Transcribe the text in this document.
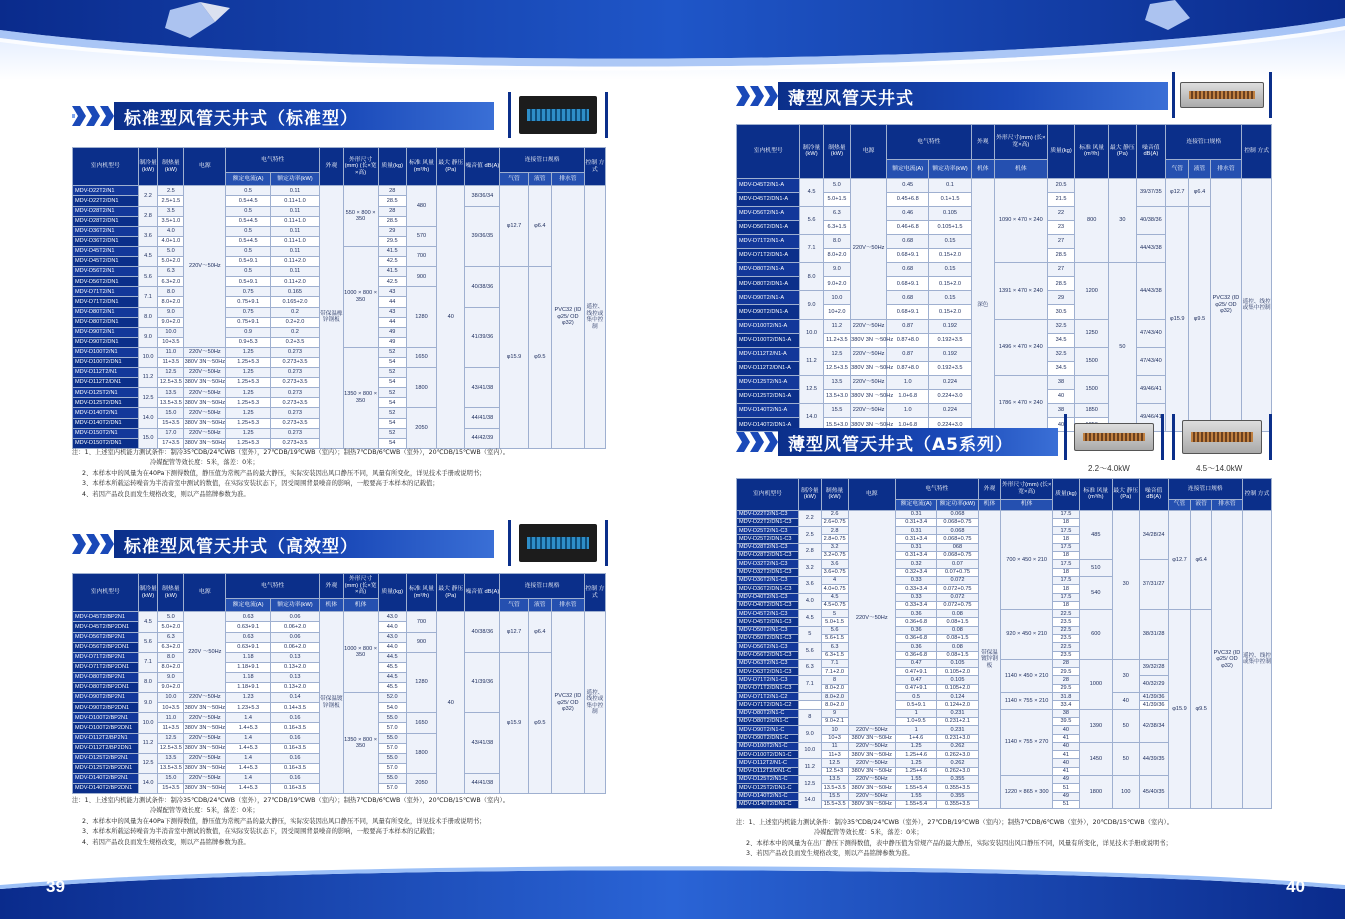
39	40
标准型风管天井式（标准型）
室内机型号	制冷量 (kW)	制热量 (kW)	电源	电气特性		外观	外形尺寸(mm) (长×宽×高)	质量(kg)	标准 风量(m³/h)	最大 静压(Pa)	噪音值 dB(A)	连接管口规格			控制 方式
				额定电流(A)	额定功率(kW)							气管	液管	排水管	
MDV-D22T2/N1	2.2	2.5	220V～50Hz	0.5	0.11	带保温橡锌钢板	550 × 800 × 350	28	480	40	38/36/34	φ12.7	φ6.4	PVC32 (ID φ25/ OD φ32)	遥控、线控或集中控制
MDV-D22T2/DN1		2.5+1.5		0.5+4.5	0.11+1.0			28.5							
MDV-D28T2/N1	2.8	3.5		0.5	0.11			28			39/36/35				
MDV-D28T2/DN1		3.5+1.0		0.5+4.5	0.11+1.0			28.5							
MDV-D36T2/N1	3.6	4.0		0.5	0.11			29	570						
MDV-D36T2/DN1		4.0+1.0		0.5+4.5	0.11+1.0			29.5							
MDV-D45T2/N1	4.5	5.0		0.5	0.11		1000 × 800 × 350	41.5	700						
MDV-D45T2/DN1		5.0+2.0		0.5+9.1	0.11+2.0			42.5							
MDV-D56T2/N1	5.6	6.3		0.5	0.11			41.5	900		40/38/36	φ15.9	φ9.5		
MDV-D56T2/DN1		6.3+2.0		0.5+9.1	0.11+2.0			42.5							
MDV-D71T2/N1	7.1	8.0		0.75	0.165			43	1280						
MDV-D71T2/DN1		8.0+2.0		0.75+9.1	0.165+2.0			44							
MDV-D80T2/N1	8.0	9.0		0.75	0.2			43			41/39/36				
MDV-D80T2/DN1		9.0+2.0		0.75+9.1	0.2+2.0			44							
MDV-D90T2/N1	9.0	10.0		0.9	0.2			49							
MDV-D90T2/DN1		10+3.5		0.9+5.3	0.2+3.5			49							
MDV-D100T2/N1	10.0	11.0	220V～50Hz	1.25	0.273		1350 × 800 × 350	52	1650						
MDV-D100T2/DN1		11+3.5	380V 3N～50Hz	1.25+5.3	0.273+3.5			54							
MDV-D112T2/N1	11.2	12.5	220V～50Hz	1.25	0.273			52	1800		43/41/38				
MDV-D112T2/DN1		12.5+3.5	380V 3N～50Hz	1.25+5.3	0.273+3.5			54							
MDV-D125T2/N1	12.5	13.5	220V～50Hz	1.25	0.273			52							
MDV-D125T2/DN1		13.5+3.5	380V 3N～50Hz	1.25+5.3	0.273+3.5			54							
MDV-D140T2/N1	14.0	15.0	220V～50Hz	1.25	0.273			52	2050		44/41/38				
MDV-D140T2/DN1		15+3.5	380V 3N～50Hz	1.25+5.3	0.273+3.5			54							
MDV-D150T2/N1	15.0	17.0	220V～50Hz	1.25	0.273			52			44/42/39				
MDV-D150T2/DN1		17+3.5	380V 3N～50Hz	1.25+5.3	0.273+3.5			54							
注：1、上述室内机能力测试条件：制冷35℃DB/24℃WB（室外），27℃DB/19℃WB（室内）；制热7℃DB/6℃WB（室外），20℃DB/15℃WB（室内）。
冷媒配管等效长度：5米，落差：0米；
2、本样本中的风量为在40Pa下测得数值，静压值为常规产品的最大静压，实际安装因出风口静压不同，风量有所变化，详见技术手册或说明书；
3、本样本所载运转噪音为半消音室中测试的数值，在实际安装状态下，因受周围背景噪音的影响，一般要高于本样本的记载值；
4、若因产品改良而发生规格改变，则以产品铭牌参数为准。
标准型风管天井式（高效型）
室内机型号	制冷量 (kW)	制热量 (kW)	电源	电气特性		外观	外形尺寸(mm) (长×宽×高)	质量(kg)	标准 风量(m³/h)	最大 静压(Pa)	噪音值 dB(A)	连接管口规格			控制 方式
				额定电流(A)	额定功率(kW)	机体	机体					气管	液管	排水管	
MDV-D45T2/BP2N1	4.5	5.0	220V ～50Hz	0.63	0.06	带保温镀锌钢板	1000 × 800 × 350	43.0	700	40	40/38/36	φ12.7	φ6.4	PVC32 (ID φ25/ OD φ32)	遥控、线控或集中控制
MDV-D45T2/BP2DN1		5.0+2.0		0.63+9.1	0.06+2.0			44.0							
MDV-D56T2/BP2N1	5.6	6.3		0.63	0.06			43.0	900						
MDV-D56T2/BP2DN1		6.3+2.0		0.63+9.1	0.06+2.0			44.0							
MDV-D71T2/BP2N1	7.1	8.0		1.18	0.13			44.5	1280		41/39/36	φ15.9	φ9.5		
MDV-D71T2/BP2DN1		8.0+2.0		1.18+9.1	0.13+2.0			45.5							
MDV-D80T2/BP2N1	8.0	9.0		1.18	0.13			44.5							
MDV-D80T2/BP2DN1		9.0+2.0		1.18+9.1	0.13+2.0			45.5							
MDV-D90T2/BP2N1	9.0	10.0	220V～50Hz	1.23	0.14		1350 × 800 × 350	52.0							
MDV-D90T2/BP2DN1		10+3.5	380V 3N～50Hz	1.23+5.3	0.14+3.5			54.0							
MDV-D100T2/BP2N1	10.0	11.0	220V～50Hz	1.4	0.16			55.0	1650		43/41/38				
MDV-D100T2/BP2DN1		11+3.5	380V 3N～50Hz	1.4+5.3	0.16+3.5			57.0							
MDV-D112T2/BP2N1	11.2	12.5	220V～50Hz	1.4	0.16			55.0	1800						
MDV-D112T2/BP2DN1		12.5+3.5	380V 3N～50Hz	1.4+5.3	0.16+3.5			57.0							
MDV-D125T2/BP2N1	12.5	13.5	220V～50Hz	1.4	0.16			55.0							
MDV-D125T2/BP2DN1		13.5+3.5	380V 3N～50Hz	1.4+5.3	0.16+3.5			57.0							
MDV-D140T2/BP2N1	14.0	15.0	220V～50Hz	1.4	0.16			55.0	2050		44/41/38				
MDV-D140T2/BP2DN1		15+3.5	380V 3N～50Hz	1.4+5.3	0.16+3.5			57.0							
注：1、上述室内机能力测试条件：制冷35℃DB/24℃WB（室外），27℃DB/19℃WB（室内）；制热7℃DB/6℃WB（室外），20℃DB/15℃WB（室内）。
冷媒配管等效长度：5米，落差：0米；
2、本样本中的风量为在40Pa下测得数值，静压值为常规产品的最大静压，实际安装因出风口静压不同，风量有所变化，详见技术手册或说明书；
3、本样本所载运转噪音为半消音室中测试的数值，在实际安装状态下，因受周围背景噪音的影响，一般要高于本样本的记载值；
4、若因产品改良而发生规格改变，则以产品铭牌参数为准。
薄型风管天井式
室内机型号	制冷量 (kW)	制热量 (kW)	电源	电气特性		外观	外形尺寸(mm) (长×宽×高)	质量(kg)	标准 风量(m³/h)	最大 静压(Pa)	噪音值 dB(A)	连接管口规格			控制 方式
				额定电流(A)	额定功率(kW)	机体	机体					气管	液管	排水管	
MDV-D45T2/N1-A	4.5	5.0	220V～50Hz	0.45	0.1	深色	1090 × 470 × 240	20.5	800	30	39/37/35	φ12.7	φ6.4	PVC32 (ID φ25/ OD φ32)	遥控、线控或集中控制
MDV-D45T2/DN1-A		5.0+1.5		0.45+6.8	0.1+1.5			21.5							
MDV-D56T2/N1-A	5.6	6.3		0.46	0.105			22			40/38/36	φ15.9	φ9.5		
MDV-D56T2/DN1-A		6.3+1.5		0.46+6.8	0.105+1.5			23							
MDV-D71T2/N1-A	7.1	8.0		0.68	0.15			27			44/43/38				
MDV-D71T2/DN1-A		8.0+2.0		0.68+9.1	0.15+2.0			28.5							
MDV-D80T2/N1-A	8.0	9.0		0.68	0.15		1391 × 470 × 240	27	1200	50	44/43/38				
MDV-D80T2/DN1-A		9.0+2.0		0.68+9.1	0.15+2.0			28.5							
MDV-D90T2/N1-A	9.0	10.0		0.68	0.15			29							
MDV-D90T2/DN1-A		10+2.0		0.68+9.1	0.15+2.0			30.5							
MDV-D100T2/N1-A	10.0	11.2	220V～50Hz	0.87	0.192		1496 × 470 × 240	32.5	1250		47/43/40				
MDV-D100T2/DN1-A		11.2+3.5	380V 3N ～50Hz	0.87+8.0	0.192+3.5			34.5							
MDV-D112T2/N1-A	11.2	12.5	220V～50Hz	0.87	0.192			32.5	1500		47/43/40				
MDV-D112T2/DN1-A		12.5+3.5	380V 3N ～50Hz	0.87+8.0	0.192+3.5			34.5							
MDV-D125T2/N1-A	12.5	13.5	220V～50Hz	1.0	0.224		1786 × 470 × 240	38	1500		49/46/41				
MDV-D125T2/DN1-A		13.5+3.0	380V 3N ～50Hz	1.0+6.8	0.224+3.0			40							
MDV-D140T2/N1-A	14.0	15.5	220V～50Hz	1.0	0.224			38	1850		49/46/41				
MDV-D140T2/DN1-A		15.5+3.0	380V 3N ～50Hz	1.0+6.8	0.224+3.0			40	
薄型风管天井式（A5系列）
2.2～4.0kW	4.5～14.0kW
室内机型号	制冷量 (kW)	制热量 (kW)	电源	电气特性		外观	外形尺寸(mm) (长×宽×高)	质量(kg)	标准 风量(m³/h)	最大 静压(Pa)	噪音值 dB(A)	连接管口规格			控制 方式
				额定电流(A)	额定功率(kW)	机体	机体					气管	液管	排水管	
MDV-D22T2/N1-C3	2.2	2.6	220V～50Hz	0.31	0.068	带保温镀锌钢板	700 × 450 × 210	17.5	485	30	34/28/24	φ12.7	φ6.4	PVC32 (ID φ25/ OD φ32)	遥控、线控或集中控制
MDV-D22T2/DN1-C3		2.6+0.75		0.31+3.4	0.068+0.75			18							
MDV-D25T2/N1-C3	2.5	2.8		0.31	0.068			17.5							
MDV-D25T2/DN1-C3		2.8+0.75		0.31+3.4	0.068+0.75			18							
MDV-D28T2/N1-C3	2.8	3.2		0.31	068			17.5							
MDV-D28T2/DN1-C3		3.2+0.75		0.31+3.4	0.068+0.75			18							
MDV-D32T2/N1-C3	3.2	3.6		0.32	0.07			17.5	510		37/31/27				
MDV-D32T2/DN1-C3		3.6+0.75		0.32+3.4	0.07+0.75			18							
MDV-D36T2/N1-C3	3.6	4		0.33	0.072			17.5	540						
MDV-D36T2/DN1-C3		4.0+0.75		0.33+3.4	0.072+0.75			18							
MDV-D40T2/N1-C3	4.0	4.5		0.33	0.072			17.5							
MDV-D40T2/DN1-C3		4.5+0.75		0.33+3.4	0.072+0.75			18							
MDV-D45T2/N1-C3	4.5	5		0.36	0.08		920 × 450 × 210	22.5	600		38/31/28	φ15.9	φ9.5		
MDV-D45T2/DN1-C3		5.0+1.5		0.36+6.8	0.08+1.5			23.5							
MDV-D50T2/N1-C3	5	5.6		0.36	0.08			22.5							
MDV-D50T2/DN1-C3		5.6+1.5		0.36+6.8	0.08+1.5			23.5							
MDV-D56T2/N1-C3	5.6	6.3		0.36	0.08			22.5							
MDV-D56T2/DN1-C3		6.3+1.5		0.36+6.8	0.08+1.5			23.5							
MDV-D63T2/N1-C3	6.3	7.1		0.47	0.105		1140 × 450 × 210	28	1000	30	39/32/28				
MDV-D63T2/DN1-C3		7.1+2.0		0.47+9.1	0.105+2.0			29.5							
MDV-D71T2/N1-C3	7.1	8		0.47	0.105			28			40/32/29				
MDV-D71T2/DN1-C3		8.0+2.0		0.47+9.1	0.105+2.0			29.5							
MDV-D71T2/N1-C2		8.0+2.0		0.5	0.124		1140 × 755 × 210	31.8		40	41/39/36				
MDV-D71T2/DN1-C2		8.0+2.0		0.5+9.1	0.124+2.0			33.4			41/39/36				
MDV-D80T2/N1-C	8	9		1	0.231		1140 × 755 × 270	38	1390	50	42/38/34				
MDV-D80T2/DN1-C		9.0+2.1		1.0+9.5	0.231+2.1			39.5							
MDV-D90T2/N1-C	9.0	10	220V～50Hz	1	0.231			40							
MDV-D90T2/DN1-C		10+3	380V 3N～50Hz	1+4.6	0.231+3.0			41							
MDV-D100T2/N1-C	10.0	11	220V～50Hz	1.25	0.262			40	1450	50	44/39/35				
MDV-D100T2/DN1-C		11+3	380V 3N～50Hz	1.25+4.6	0.262+3.0			41							
MDV-D112T2/N1-C	11.2	12.5	220V～50Hz	1.25	0.262			40							
MDV-D112T2/DN1-C		12.5+3	380V 3N～50Hz	1.25+4.6	0.262+3.0			41							
MDV-D125T2/N1-C	12.5	13.5	220V～50Hz	1.55	0.355		1220 × 865 × 300	49	1800	100	45/40/35				
MDV-D125T2/DN1-C		13.5+3.5	380V 3N～50Hz	1.55+5.4	0.355+3.5			51							
MDV-D140T2/N1-C	14.0	15.5	220V～50Hz	1.55	0.355			49							
MDV-D140T2/DN1-C		15.5+3.5	380V 3N～50Hz	1.55+5.4	0.355+3.5			51							
注：1、上述室内机能力测试条件：制冷35℃DB/24℃WB（室外），27℃DB/19℃WB（室内）；制热7℃DB/6℃WB（室外），20℃DB/15℃WB（室内）。
冷媒配管等效长度：5米，落差：0米；
2、本样本中的风量为在出厂静压下测得数值，表中静压值为常规产品的最大静压，实际安装因出风口静压不同，风量有所变化，详见技术手册或说明书；
3、若因产品改良而发生规格改变，则以产品铭牌参数为准。
